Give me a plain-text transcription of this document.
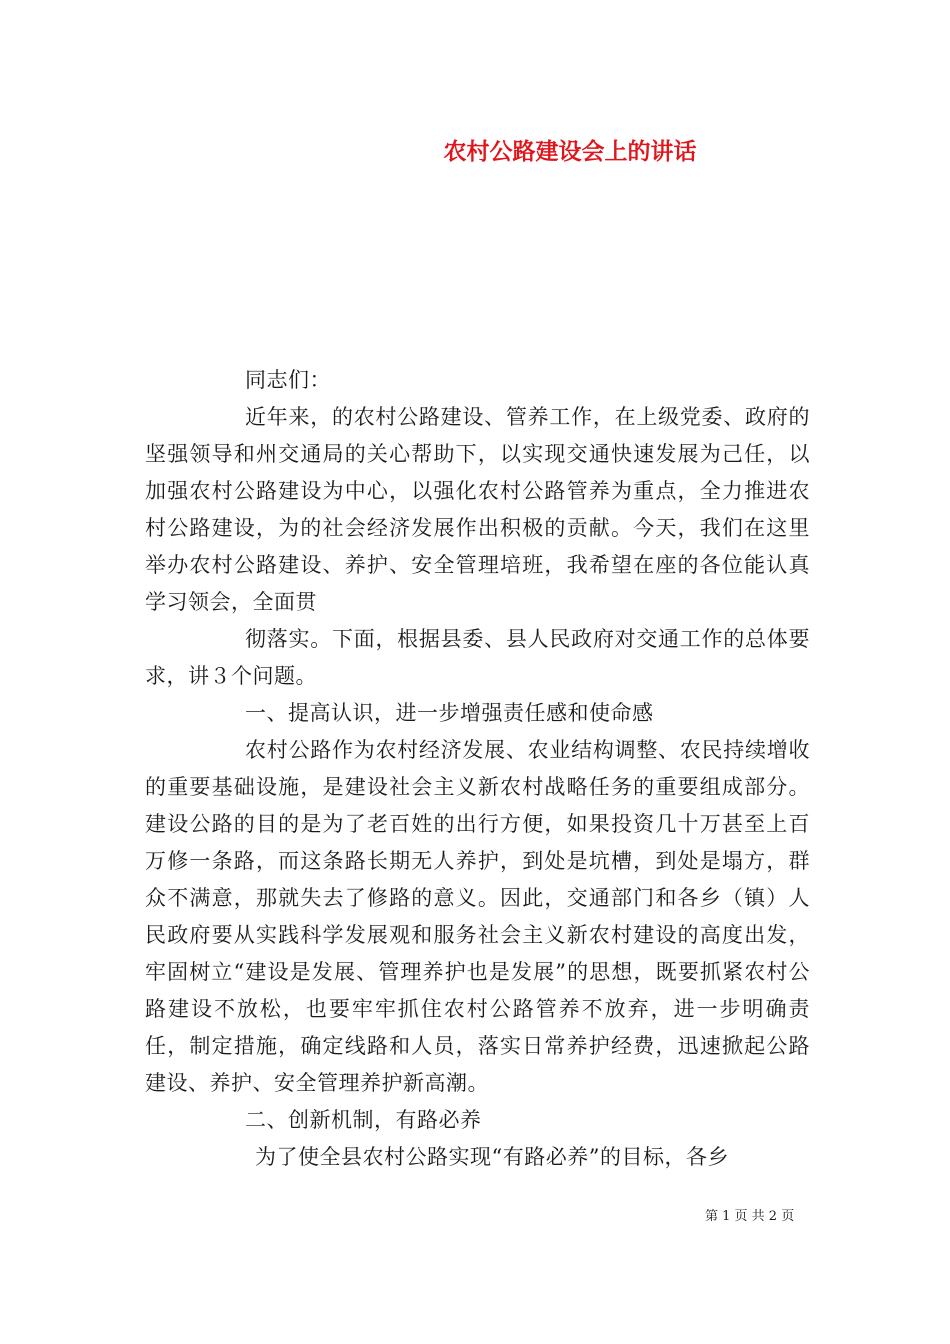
农村公路建设会上的讲话

同志们：

近年来，的农村公路建设、管养工作，在上级党委、政府的坚强领导和州交通局的关心帮助下，以实现交通快速发展为己任，以加强农村公路建设为中心，以强化农村公路管养为重点，全力推进农村公路建设，为的社会经济发展作出积极的贡献。今天，我们在这里举办农村公路建设、养护、安全管理培班，我希望在座的各位能认真学习领会，全面贯

彻落实。下面，根据县委、县人民政府对交通工作的总体要求，讲３个问题。

一、提高认识，进一步增强责任感和使命感

农村公路作为农村经济发展、农业结构调整、农民持续增收的重要基础设施，是建设社会主义新农村战略任务的重要组成部分。建设公路的目的是为了老百姓的出行方便，如果投资几十万甚至上百万修一条路，而这条路长期无人养护，到处是坑槽，到处是塌方，群众不满意，那就失去了修路的意义。因此，交通部门和各乡（镇）人民政府要从实践科学发展观和服务社会主义新农村建设的高度出发，牢固树立“建设是发展、管理养护也是发展”的思想，既要抓紧农村公路建设不放松，也要牢牢抓住农村公路管养不放弃，进一步明确责任，制定措施，确定线路和人员，落实日常养护经费，迅速掀起公路建设、养护、安全管理养护新高潮。

二、创新机制，有路必养

为了使全县农村公路实现“有路必养”的目标，各乡

第 1 页 共 2 页
